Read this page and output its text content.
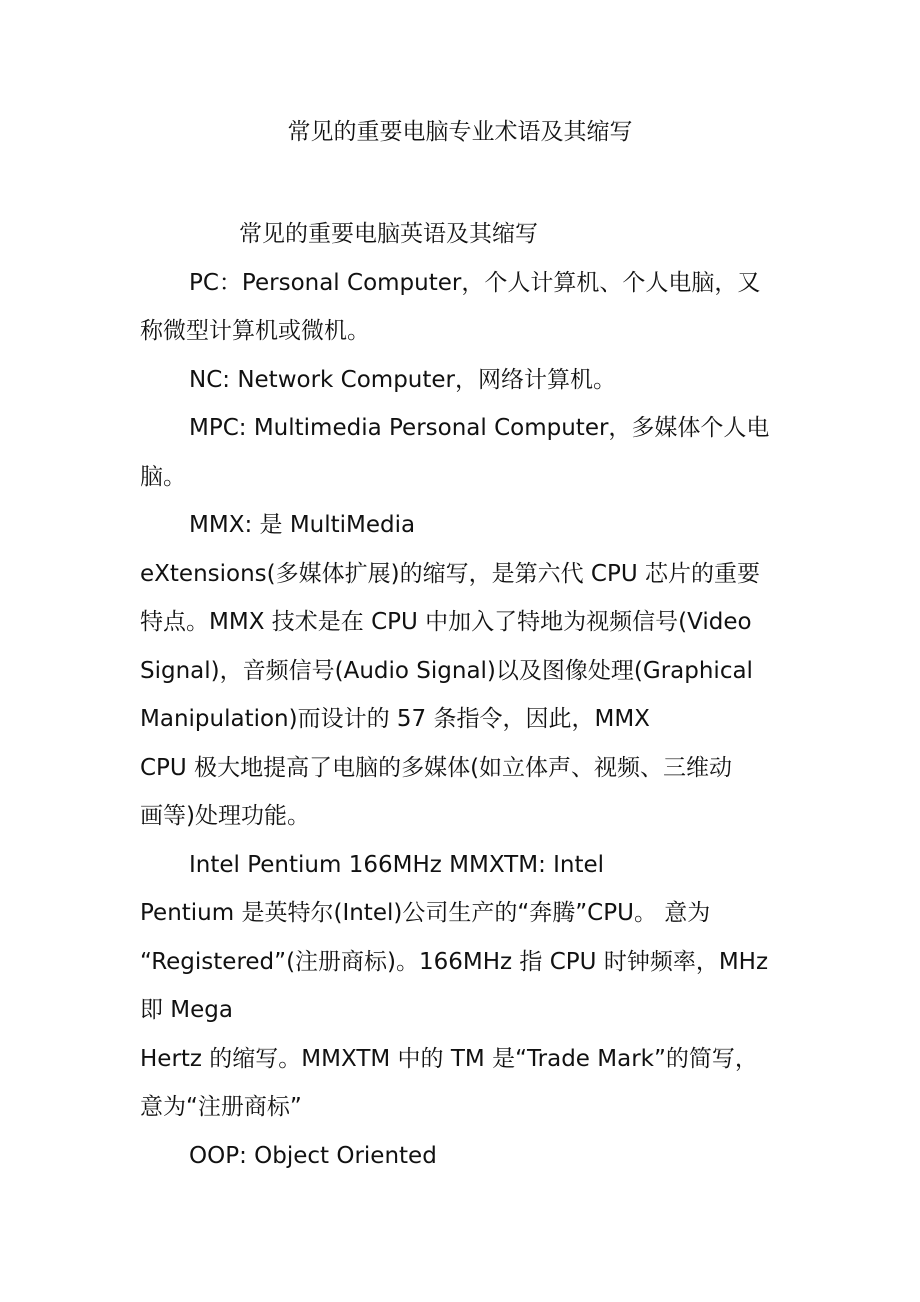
常见的重要电脑专业术语及其缩写

常见的重要电脑英语及其缩写

PC：Personal Computer，个人计算机、个人电脑，又

称微型计算机或微机。

NC: Network Computer，网络计算机。

MPC: Multimedia Personal Computer，多媒体个人电

脑。

MMX: 是 MultiMedia

eXtensions(多媒体扩展)的缩写，是第六代 CPU 芯片的重要

特点。MMX 技术是在 CPU 中加入了特地为视频信号(Video

Signal)，音频信号(Audio Signal)以及图像处理(Graphical

Manipulation)而设计的 57 条指令，因此，MMX

CPU 极大地提高了电脑的多媒体(如立体声、视频、三维动

画等)处理功能。

Intel Pentium 166MHz MMXTM: Intel

Pentium 是英特尔(Intel)公司生产的“奔腾”CPU。 意为

“Registered”(注册商标)。166MHz 指 CPU 时钟频率，MHz

即 Mega

Hertz 的缩写。MMXTM 中的 TM 是“Trade Mark”的简写，

意为“注册商标”

OOP: Object Oriented
